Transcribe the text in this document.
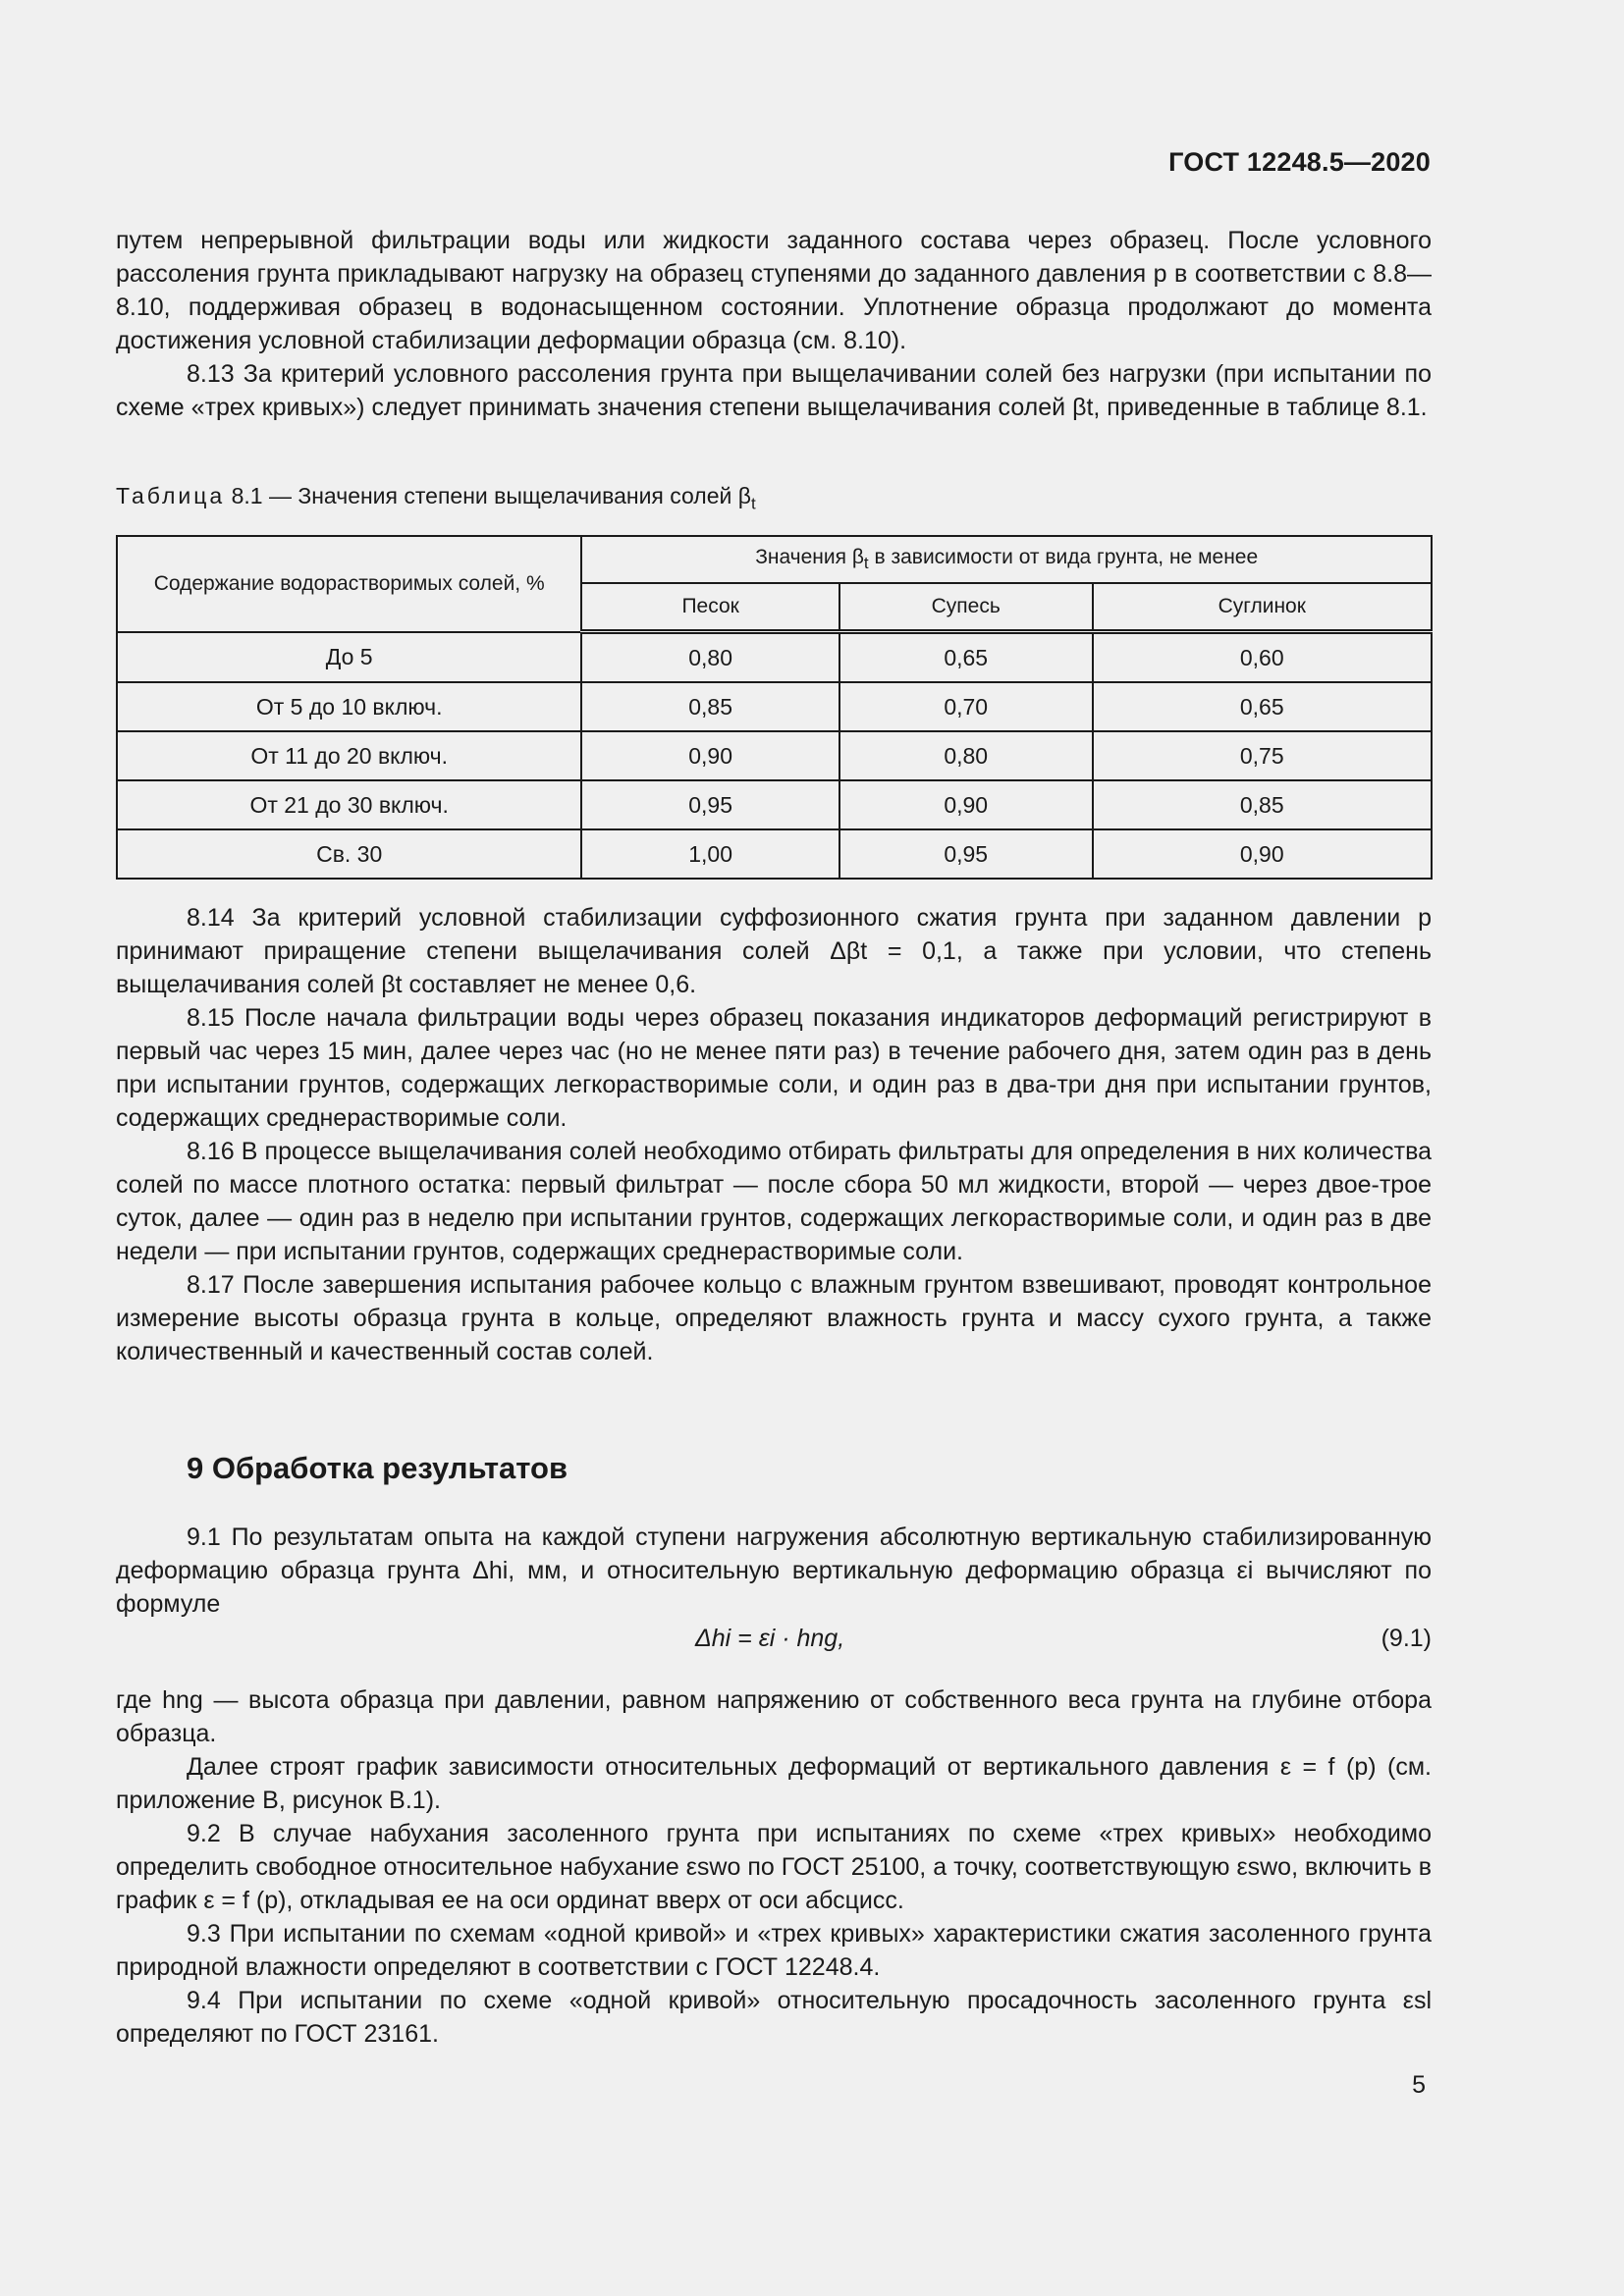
ГОСТ 12248.5—2020

путем непрерывной фильтрации воды или жидкости заданного состава через образец. После условного рассоления грунта прикладывают нагрузку на образец ступенями до заданного давления p в соответствии с 8.8—8.10, поддерживая образец в водонасыщенном состоянии. Уплотнение образца продолжают до момента достижения условной стабилизации деформации образца (см. 8.10).

8.13 За критерий условного рассоления грунта при выщелачивании солей без нагрузки (при испытании по схеме «трех кривых») следует принимать значения степени выщелачивания солей βt, приведенные в таблице 8.1.

Таблица 8.1 — Значения степени выщелачивания солей $\beta_t$
Содержание водорастворимых солей, %	Значения $\beta_t$ в зависимости от вида грунта, не менее		
	Песок	Супесь	Суглинок
До 5	0,80	0,65	0,60
От 5 до 10 включ.	0,85	0,70	0,65
От 11 до 20 включ.	0,90	0,80	0,75
От 21 до 30 включ.	0,95	0,90	0,85
Св. 30	1,00	0,95	0,90

8.14 За критерий условной стабилизации суффозионного сжатия грунта при заданном давлении p принимают приращение степени выщелачивания солей Δβt = 0,1, а также при условии, что степень выщелачивания солей βt составляет не менее 0,6.

8.15 После начала фильтрации воды через образец показания индикаторов деформаций регистрируют в первый час через 15 мин, далее через час (но не менее пяти раз) в течение рабочего дня, затем один раз в день при испытании грунтов, содержащих легкорастворимые соли, и один раз в двa-три дня при испытании грунтов, содержащих среднерастворимые соли.

8.16 В процессе выщелачивания солей необходимо отбирать фильтраты для определения в них количества солей по массе плотного остатка: первый фильтрат — после сбора 50 мл жидкости, второй — через двое-трое суток, далее — один раз в неделю при испытании грунтов, содержащих легкорастворимые соли, и один раз в две недели — при испытании грунтов, содержащих среднерастворимые соли.

8.17 После завершения испытания рабочее кольцо с влажным грунтом взвешивают, проводят контрольное измерение высоты образца грунта в кольце, определяют влажность грунта и массу сухого грунта, а также количественный и качественный состав солей.

9 Обработка результатов

9.1 По результатам опыта на каждой ступени нагружения абсолютную вертикальную стабилизированную деформацию образца грунта Δhi, мм, и относительную вертикальную деформацию образца εi вычисляют по формуле

Δhi = εi · hng,	(9.1)

где hng — высота образца при давлении, равном напряжению от собственного веса грунта на глубине отбора образца.

Далее строят график зависимости относительных деформаций от вертикального давления ε = f (p) (см. приложение В, рисунок В.1).

9.2 В случае набухания засоленного грунта при испытаниях по схеме «трех кривых» необходимо определить свободное относительное набухание εswo по ГОСТ 25100, а точку, соответствующую εswo, включить в график ε = f (p), откладывая ее на оси ординат вверх от оси абсцисс.

9.3 При испытании по схемам «одной кривой» и «трех кривых» характеристики сжатия засоленного грунта природной влажности определяют в соответствии с ГОСТ 12248.4.

9.4 При испытании по схеме «одной кривой» относительную просадочность засоленного грунта εsl определяют по ГОСТ 23161.

5
